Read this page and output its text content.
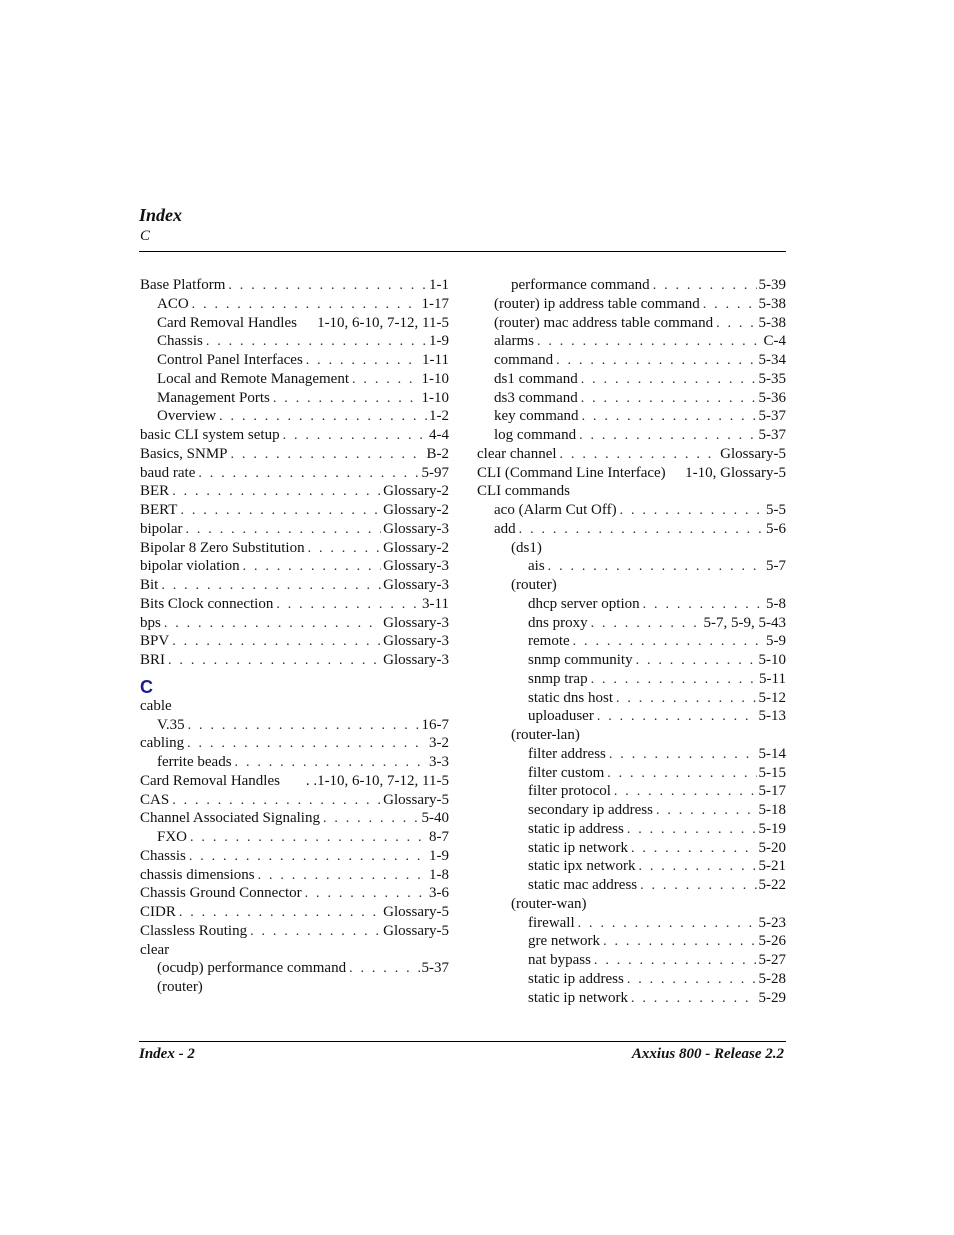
Index
C
Base Platform . . .	1-1
ACO . . .	1-17
Card Removal Handles 1-10, 6-10, 7-12, 11-5
Chassis . . .	1-9
Control Panel Interfaces . . .	1-11
Local and Remote Management . . .	1-10
Management Ports . . .	1-10
Overview . . .	1-2
basic CLI system setup . . .	4-4
Basics, SNMP . . .	B-2
baud rate . . .	5-97
BER . . .	Glossary-2
BERT . . .	Glossary-2
bipolar . . .	Glossary-3
Bipolar 8 Zero Substitution . . .	Glossary-2
bipolar violation . . .	Glossary-3
Bit . . .	Glossary-3
Bits Clock connection . . .	3-11
bps . . .	Glossary-3
BPV . . .	Glossary-3
BRI . . .	Glossary-3
C
cable
V.35 . . .	16-7
cabling . . .	3-2
ferrite beads . . .	3-3
Card Removal Handles . .1-10, 6-10, 7-12, 11-5
CAS . . .	Glossary-5
Channel Associated Signaling . . .	5-40
FXO . . .	8-7
Chassis . . .	1-9
chassis dimensions . . .	1-8
Chassis Ground Connector . . .	3-6
CIDR . . .	Glossary-5
Classless Routing . . .	Glossary-5
clear
(ocudp) performance command . . .	5-37
(router)
performance command . . .	5-39
(router) ip address table command . . .	5-38
(router) mac address table command . . .	5-38
alarms . . .	C-4
command . . .	5-34
ds1 command . . .	5-35
ds3 command . . .	5-36
key command . . .	5-37
log command . . .	5-37
clear channel . . .	Glossary-5
CLI (Command Line Interface) 1-10, Glossary-5
CLI commands
aco (Alarm Cut Off) . . .	5-5
add . . .	5-6
(ds1)
ais . . .	5-7
(router)
dhcp server option . . .	5-8
dns proxy . . .	5-7, 5-9, 5-43
remote . . .	5-9
snmp community . . .	5-10
snmp trap . . .	5-11
static dns host . . .	5-12
uploaduser . . .	5-13
(router-lan)
filter address . . .	5-14
filter custom . . .	5-15
filter protocol . . .	5-17
secondary ip address . . .	5-18
static ip address . . .	5-19
static ip network . . .	5-20
static ipx network . . .	5-21
static mac address . . .	5-22
(router-wan)
firewall . . .	5-23
gre network . . .	5-26
nat bypass . . .	5-27
static ip address . . .	5-28
static ip network . . .	5-29
Index - 2	Axxius 800 - Release 2.2
